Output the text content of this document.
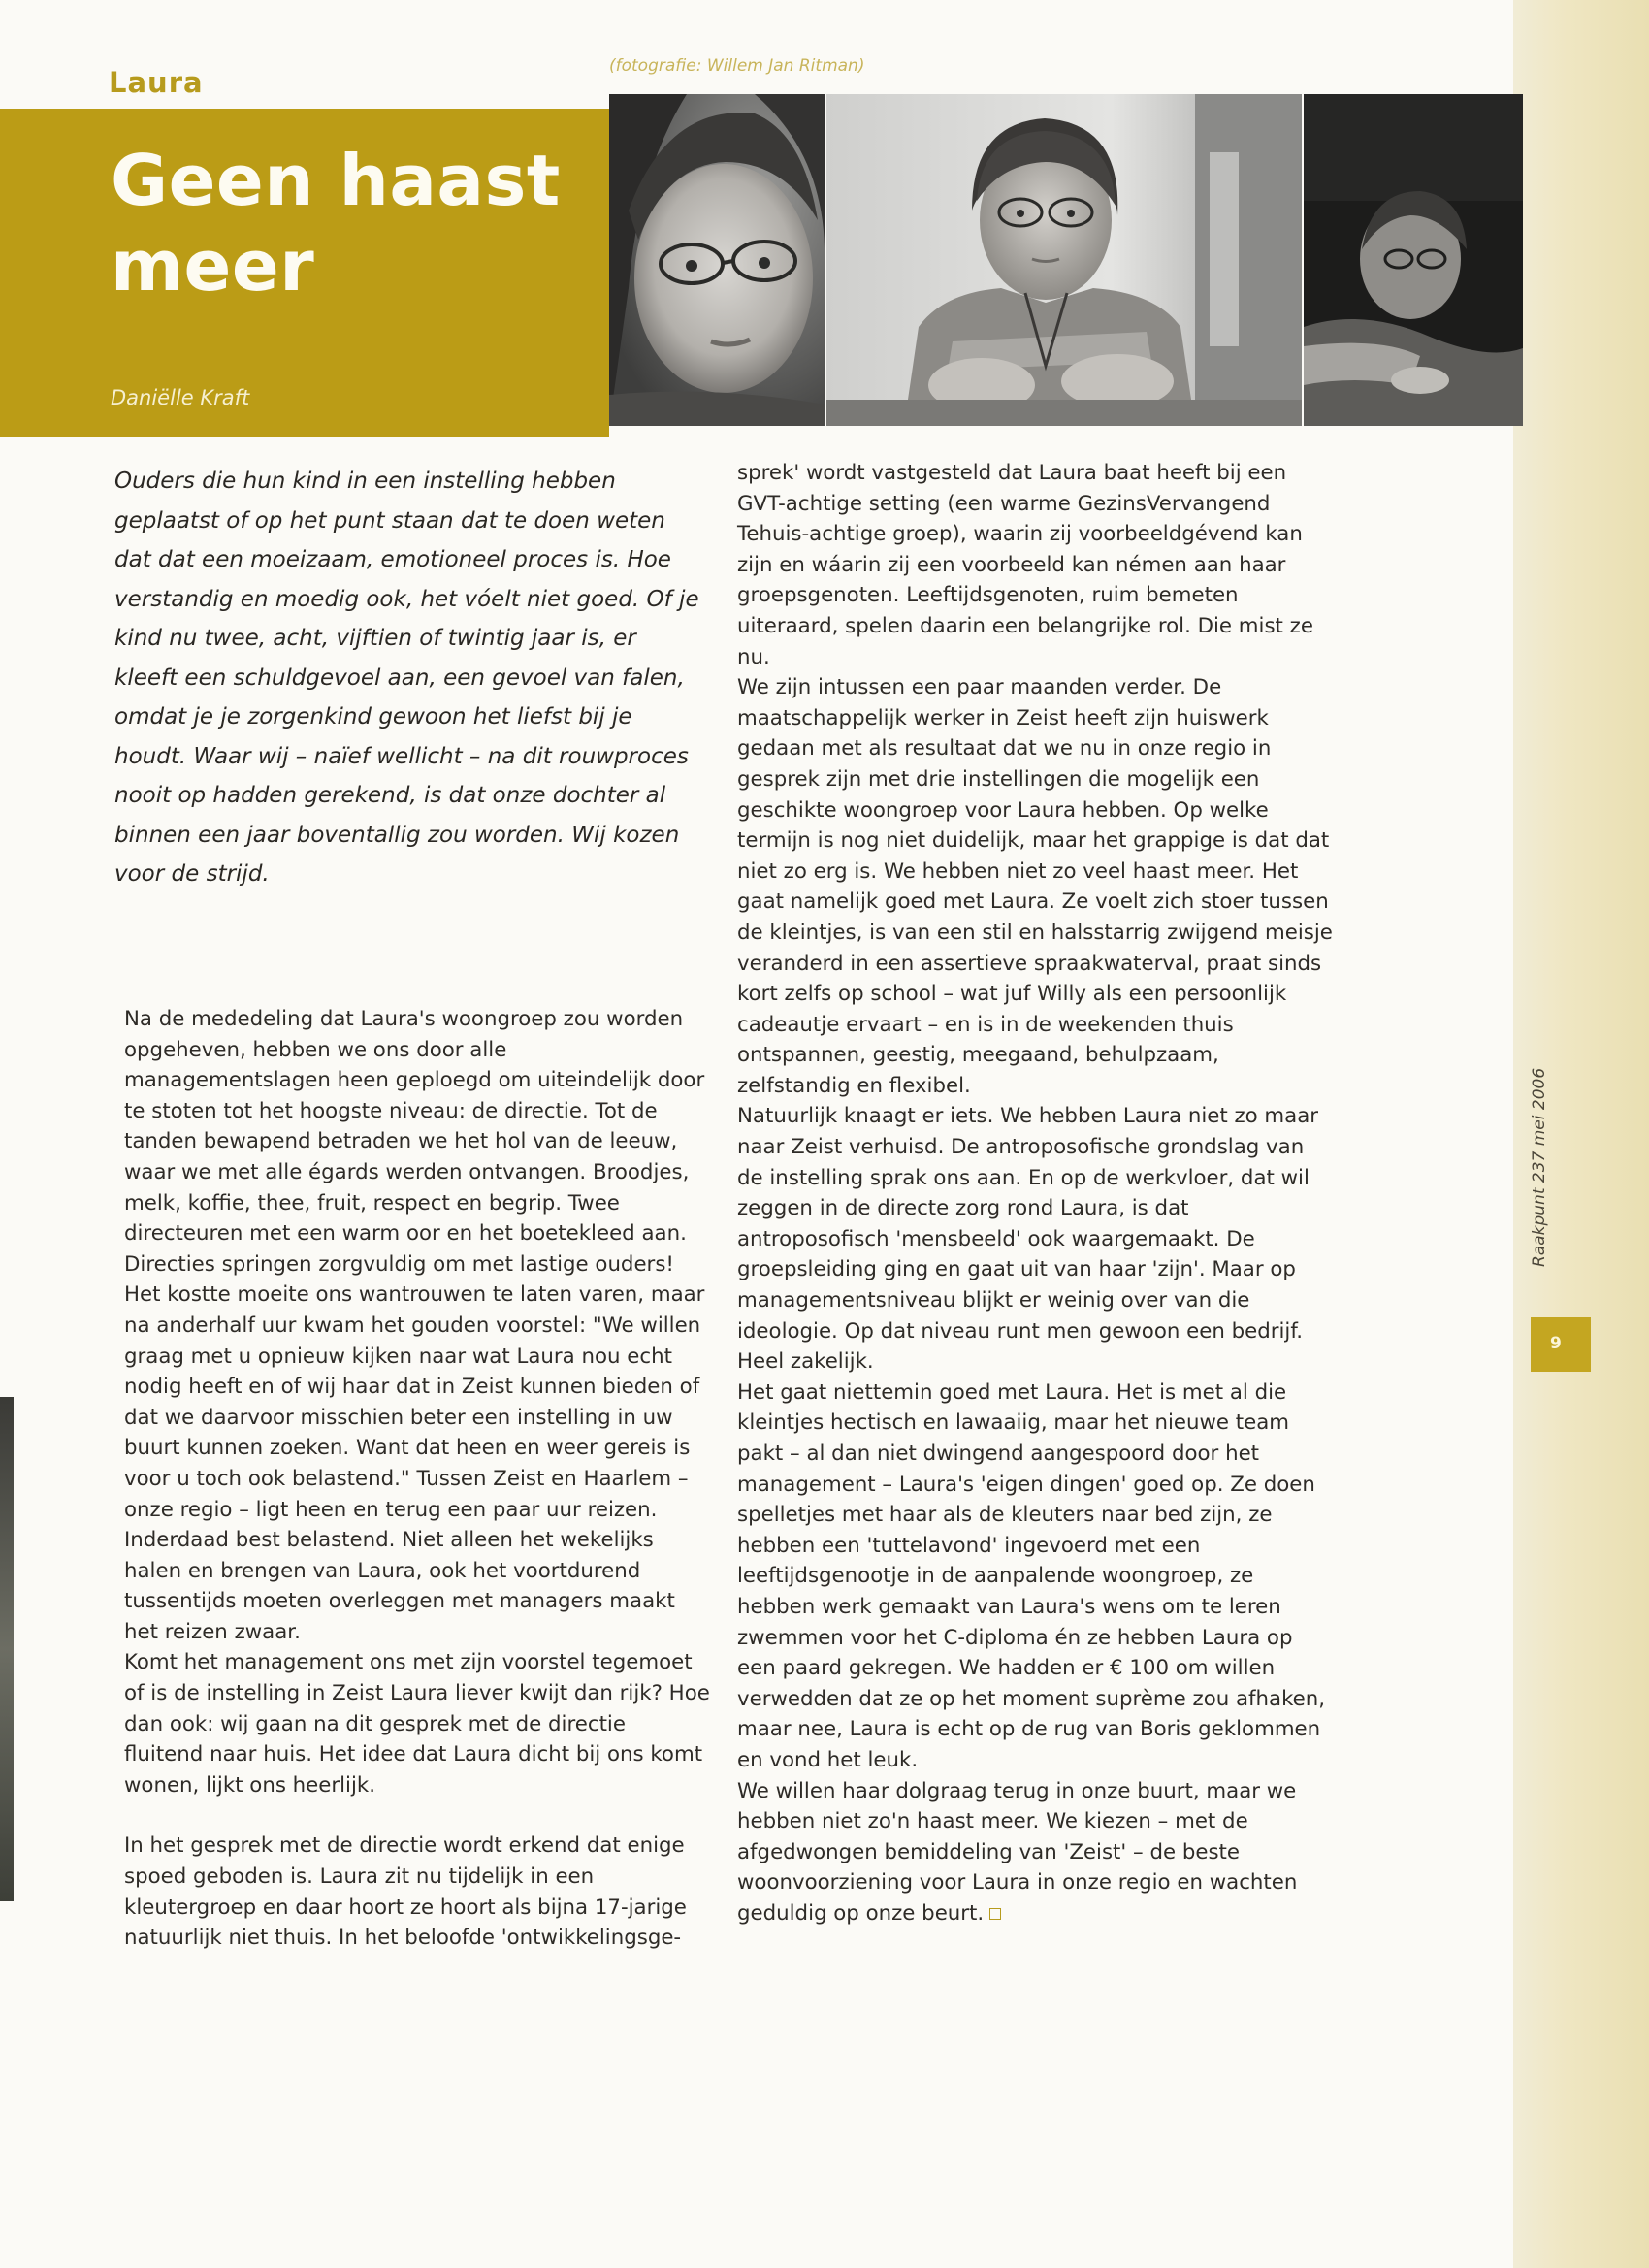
Laura	(fotografie: Willem Jan Ritman)
Geen haast
meer
Daniëlle Kraft

Ouders die hun kind in een instelling hebben geplaatst of op het punt staan dat te doen weten dat dat een moeizaam, emotioneel proces is. Hoe verstandig en moedig ook, het vóelt niet goed. Of je kind nu twee, acht, vijftien of twintig jaar is, er kleeft een schuldgevoel aan, een gevoel van falen, omdat je je zorgenkind gewoon het liefst bij je houdt. Waar wij – naïef wellicht – na dit rouwproces nooit op hadden gerekend, is dat onze dochter al binnen een jaar boventallig zou worden. Wij kozen voor de strijd.

Na de mededeling dat Laura's woongroep zou worden opgeheven, hebben we ons door alle managementslagen heen geploegd om uiteindelijk door te stoten tot het hoogste niveau: de directie. Tot de tanden bewapend betraden we het hol van de leeuw, waar we met alle égards werden ontvangen. Broodjes, melk, koffie, thee, fruit, respect en begrip. Twee directeuren met een warm oor en het boetekleed aan. Directies springen zorgvuldig om met lastige ouders!

Het kostte moeite ons wantrouwen te laten varen, maar na anderhalf uur kwam het gouden voorstel: "We willen graag met u opnieuw kijken naar wat Laura nou echt nodig heeft en of wij haar dat in Zeist kunnen bieden of dat we daarvoor misschien beter een instelling in uw buurt kunnen zoeken. Want dat heen en weer gereis is voor u toch ook belastend." Tussen Zeist en Haarlem – onze regio – ligt heen en terug een paar uur reizen. Inderdaad best belastend. Niet alleen het wekelijks halen en brengen van Laura, ook het voortdurend tussentijds moeten overleggen met managers maakt het reizen zwaar.

Komt het management ons met zijn voorstel tegemoet of is de instelling in Zeist Laura liever kwijt dan rijk? Hoe dan ook: wij gaan na dit gesprek met de directie fluitend naar huis. Het idee dat Laura dicht bij ons komt wonen, lijkt ons heerlijk.

In het gesprek met de directie wordt erkend dat enige spoed geboden is. Laura zit nu tijdelijk in een kleutergroep en daar hoort ze hoort als bijna 17-jarige natuurlijk niet thuis. In het beloofde 'ontwikkelingsge-

sprek' wordt vastgesteld dat Laura baat heeft bij een GVT-achtige setting (een warme GezinsVervangend Tehuis-achtige groep), waarin zij voorbeeldgévend kan zijn en wáarin zij een voorbeeld kan némen aan haar groepsgenoten. Leeftijdsgenoten, ruim bemeten uiteraard, spelen daarin een belangrijke rol. Die mist ze nu.

We zijn intussen een paar maanden verder. De maatschappelijk werker in Zeist heeft zijn huiswerk gedaan met als resultaat dat we nu in onze regio in gesprek zijn met drie instellingen die mogelijk een geschikte woongroep voor Laura hebben. Op welke termijn is nog niet duidelijk, maar het grappige is dat dat niet zo erg is. We hebben niet zo veel haast meer. Het gaat namelijk goed met Laura. Ze voelt zich stoer tussen de kleintjes, is van een stil en halsstarrig zwijgend meisje veranderd in een assertieve spraakwaterval, praat sinds kort zelfs op school – wat juf Willy als een persoonlijk cadeautje ervaart – en is in de weekenden thuis ontspannen, geestig, meegaand, behulpzaam, zelfstandig en flexibel.

Natuurlijk knaagt er iets. We hebben Laura niet zo maar naar Zeist verhuisd. De antroposofische grondslag van de instelling sprak ons aan. En op de werkvloer, dat wil zeggen in de directe zorg rond Laura, is dat antroposofisch 'mensbeeld' ook waargemaakt. De groepsleiding ging en gaat uit van haar 'zijn'. Maar op managementsniveau blijkt er weinig over van die ideologie. Op dat niveau runt men gewoon een bedrijf. Heel zakelijk.

Het gaat niettemin goed met Laura. Het is met al die kleintjes hectisch en lawaaiig, maar het nieuwe team pakt – al dan niet dwingend aangespoord door het management – Laura's 'eigen dingen' goed op. Ze doen spelletjes met haar als de kleuters naar bed zijn, ze hebben een 'tuttelavond' ingevoerd met een leeftijdsgenootje in de aanpalende woongroep, ze hebben werk gemaakt van Laura's wens om te leren zwemmen voor het C-diploma én ze hebben Laura op een paard gekregen. We hadden er € 100 om willen verwedden dat ze op het moment suprème zou afhaken, maar nee, Laura is echt op de rug van Boris geklommen en vond het leuk.

We willen haar dolgraag terug in onze buurt, maar we hebben niet zo'n haast meer. We kiezen – met de afgedwongen bemiddeling van 'Zeist' – de beste woonvoorziening voor Laura in onze regio en wachten geduldig op onze beurt.

Raakpunt 237 mei 2006
9
